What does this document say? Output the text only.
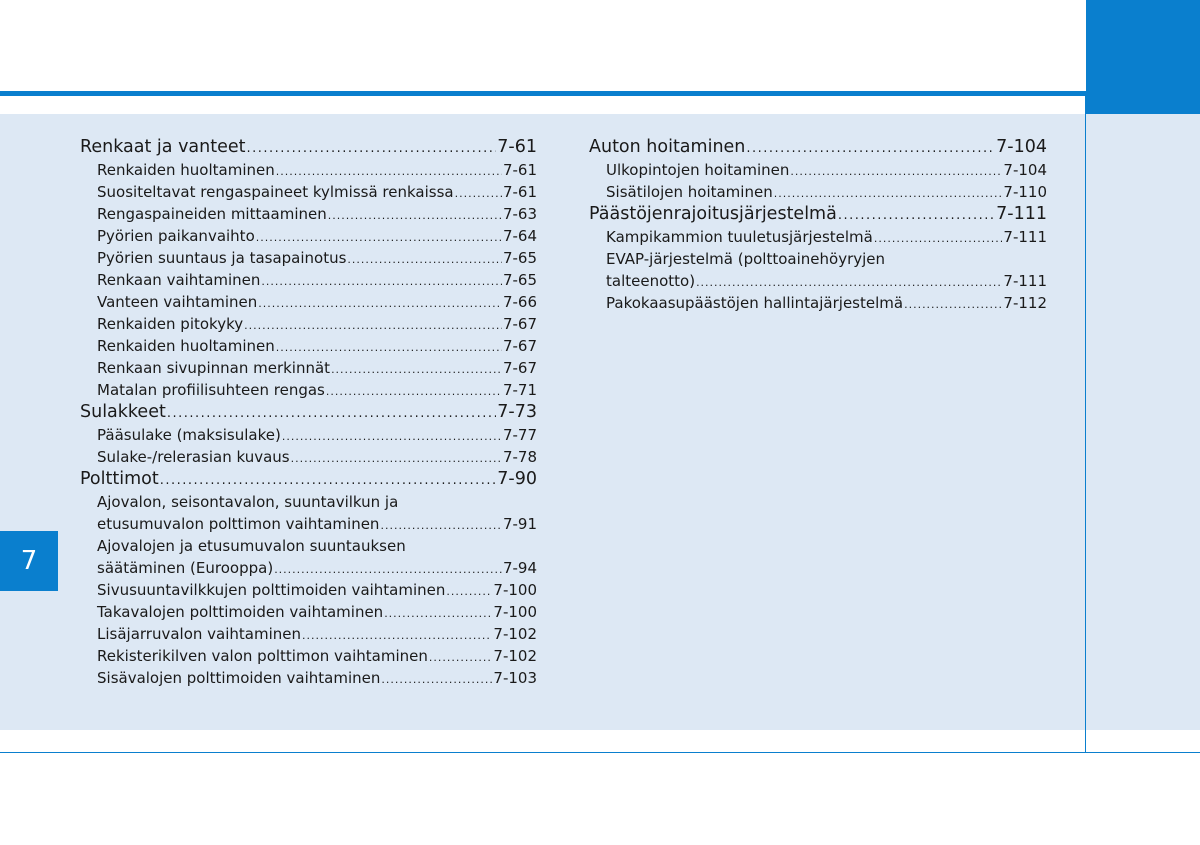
7
Renkaat ja vanteet .....	7-61
Renkaiden huoltaminen .....	7-61
Suositeltavat rengaspaineet kylmissä renkaissa .....	7-61
Rengaspaineiden mittaaminen .....	7-63
Pyörien paikanvaihto .....	7-64
Pyörien suuntaus ja tasapainotus .....	7-65
Renkaan vaihtaminen .....	7-65
Vanteen vaihtaminen .....	7-66
Renkaiden pitokyky .....	7-67
Renkaiden huoltaminen .....	7-67
Renkaan sivupinnan merkinnät .....	7-67
Matalan profiilisuhteen rengas .....	7-71
Sulakkeet .....	7-73
Pääsulake (maksisulake) .....	7-77
Sulake-/relerasian kuvaus .....	7-78
Polttimot .....	7-90
Ajovalon, seisontavalon, suuntavilkun ja
etusumuvalon polttimon vaihtaminen .....	7-91
Ajovalojen ja etusumuvalon suuntauksen
säätäminen (Eurooppa) .....	7-94
Sivusuuntavilkkujen polttimoiden vaihtaminen .....	7-100
Takavalojen polttimoiden vaihtaminen .....	7-100
Lisäjarruvalon vaihtaminen .....	7-102
Rekisterikilven valon polttimon vaihtaminen .....	7-102
Sisävalojen polttimoiden vaihtaminen .....	7-103
Auton hoitaminen .....	7-104
Ulkopintojen hoitaminen .....	7-104
Sisätilojen hoitaminen .....	7-110
Päästöjenrajoitusjärjestelmä .....	7-111
Kampikammion tuuletusjärjestelmä .....	7-111
EVAP-järjestelmä (polttoainehöyryjen
talteenotto) .....	7-111
Pakokaasupäästöjen hallintajärjestelmä .....	7-112
